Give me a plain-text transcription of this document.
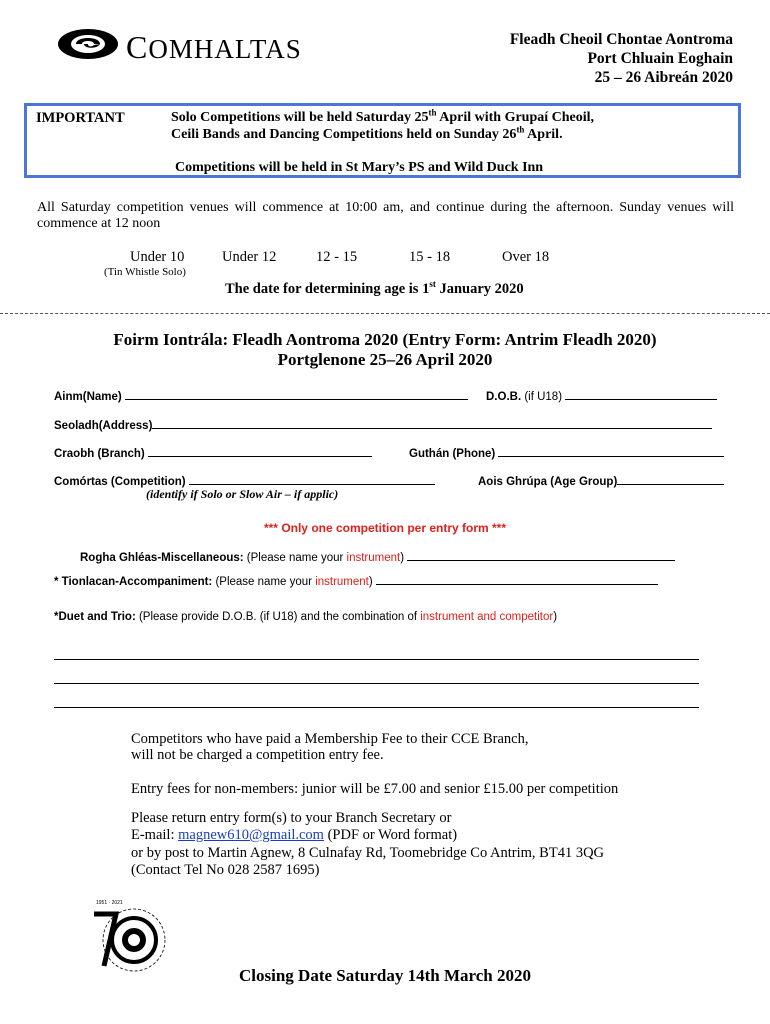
COMHALTAS	Fleadh Cheoil Chontae Aontroma
Port Chluain Eoghain
25 – 26 Aibreán 2020
IMPORTANT	Solo Competitions will be held Saturday 25th April with Grupaí Cheoil,
Ceili Bands and Dancing Competitions held on Sunday 26th April.
Competitions will be held in St Mary’s PS and Wild Duck Inn
All Saturday competition venues will commence at 10:00 am, and continue during the afternoon. Sunday venues will commence at 12 noon
Under 10	Under 12	12 - 15	15 - 18	Over 18
(Tin Whistle Solo)
The date for determining age is 1st January 2020
Foirm Iontrála: Fleadh Aontroma 2020 (Entry Form: Antrim Fleadh 2020)
Portglenone 25–26 April 2020
Ainm(Name)	D.O.B. (if U18)
Seoladh(Address)
Craobh (Branch)	Guthán (Phone)
Comórtas (Competition)	Aois Ghrúpa (Age Group)
(identify if Solo or Slow Air – if applic)
*** Only one competition per entry form ***
Rogha Ghléas-Miscellaneous: (Please name your instrument)
* Tionlacan-Accompaniment: (Please name your instrument)
*Duet and Trio: (Please provide D.O.B. (if U18) and the combination of instrument and competitor)
Competitors who have paid a Membership Fee to their CCE Branch,
will not be charged a competition entry fee.
Entry fees for non-members: junior will be £7.00 and senior £15.00 per competition
Please return entry form(s) to your Branch Secretary or
E-mail: magnew610@gmail.com (PDF or Word format)
or by post to Martin Agnew, 8 Culnafay Rd, Toomebridge Co Antrim, BT41 3QG
(Contact Tel No 028 2587 1695)
1951 · 2021
Closing Date Saturday 14th March 2020
